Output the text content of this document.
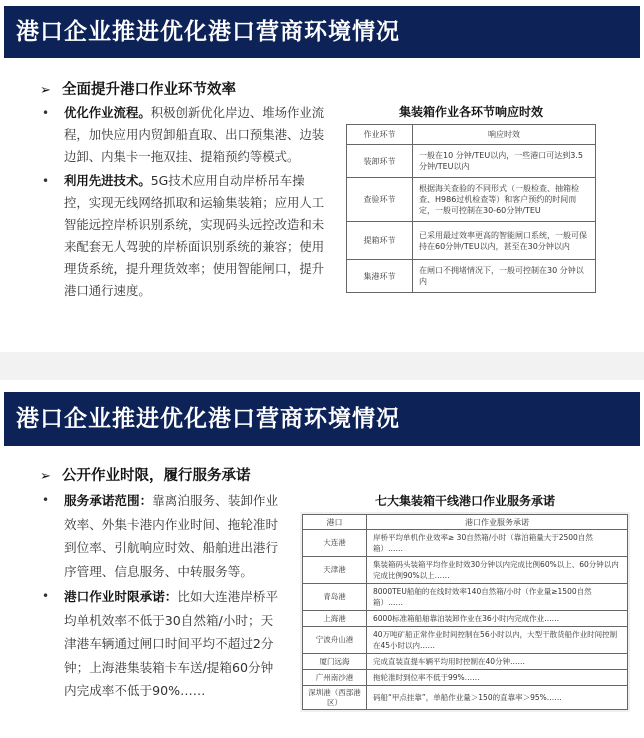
港口企业推进优化港口营商环境情况
➢ 全面提升港口作业环节效率
• 优化作业流程。积极创新优化岸边、堆场作业流程，加快应用内贸卸船直取、出口预集港、边装边卸、内集卡一拖双挂、提箱预约等模式。
• 利用先进技术。5G技术应用自动岸桥吊车操控，实现无线网络抓取和运输集装箱；应用人工智能远控岸桥识别系统，实现码头远控改造和未来配套无人驾驶的岸桥面识别系统的兼容；使用理货系统，提升理货效率；使用智能闸口，提升港口通行速度。
集装箱作业各环节响应时效
作业环节	响应时效
装卸环节	一般在10 分钟/TEU以内，一些港口可达到3.5分钟/TEU以内
查验环节	根据海关查验的不同形式（一般检查、抽箱检查、H986过机检查等）和客户预约的时间而定，一般可控制在30-60分钟/TEU
提箱环节	已采用最过效率更高的智能闸口系统，一般可保持在60分钟/TEU以内，甚至在30分钟以内
集港环节	在闸口不拥堵情况下，一般可控制在30 分钟以内
港口企业推进优化港口营商环境情况
➢ 公开作业时限，履行服务承诺
• 服务承诺范围：靠离泊服务、装卸作业效率、外集卡港内作业时间、拖轮准时到位率、引航响应时效、船舶进出港行序管理、信息服务、中转服务等。
• 港口作业时限承诺：比如大连港岸桥平均单机效率不低于30自然箱/小时；天津港车辆通过闸口时间平均不超过2分钟；上海港集装箱卡车送/提箱60分钟内完成率不低于90%……
七大集装箱干线港口作业服务承诺
港口	港口作业服务承诺
大连港	岸桥平均单机作业效率≥ 30自然箱/小时（靠泊箱量大于2500自然箱）……
天津港	集装箱码头装箱平均作业时效30分钟以内完成比例60%以上、60分钟以内完成比例90%以上……
青岛港	8000TEU船舶的在线时效率140自然箱/小时（作业量≥1500自然箱）……
上海港	6000标准箱船舶靠泊装卸作业在36小时内完成作业……
宁波舟山港	40万吨矿船正常作业时间控制在56小时以内，大型干散货船作业时间控制在45小时以内……
厦门远海	完成直装直提车辆平均用时控制在40分钟……
广州南沙港	拖轮准时到位率不低于99%……
深圳港（西部港区）	码船“甲点挂靠”，单船作业量＞150的直靠率＞95%……
